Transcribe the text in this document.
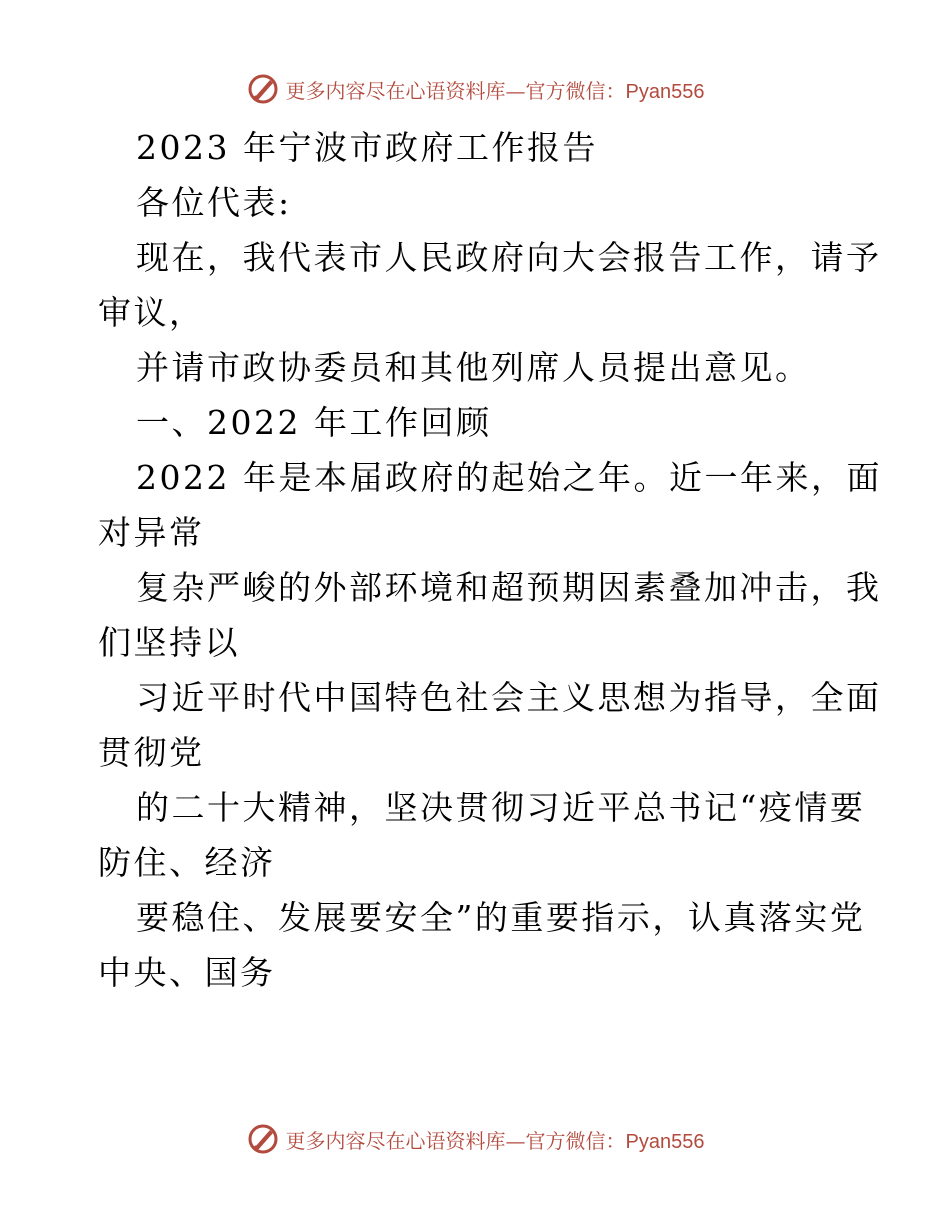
更多内容尽在心语资料库—官方微信：Pyan556
2023 年宁波市政府工作报告
各位代表:
现在，我代表市人民政府向大会报告工作，请予
审议，
并请市政协委员和其他列席人员提出意见。
一、2022 年工作回顾
2022 年是本届政府的起始之年。近一年来，面
对异常
复杂严峻的外部环境和超预期因素叠加冲击，我
们坚持以
习近平时代中国特色社会主义思想为指导，全面
贯彻党
的二十大精神，坚决贯彻习近平总书记“疫情要
防住、经济
要稳住、发展要安全”的重要指示，认真落实党
中央、国务
更多内容尽在心语资料库—官方微信：Pyan556
